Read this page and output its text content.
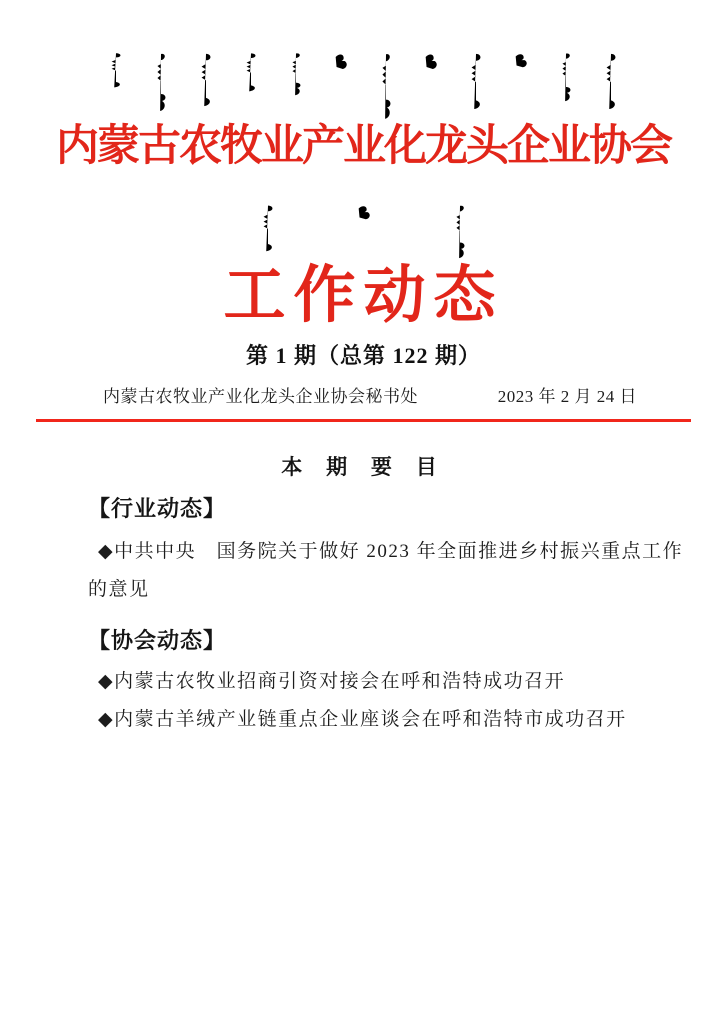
内蒙古农牧业产业化龙头企业协会
工作动态
第 1 期（总第 122 期）
内蒙古农牧业产业化龙头企业协会秘书处	2023 年 2 月 24 日
本 期 要 目
【行业动态】
◆中共中央　国务院关于做好 2023 年全面推进乡村振兴重点工作
的意见
【协会动态】
◆内蒙古农牧业招商引资对接会在呼和浩特成功召开
◆内蒙古羊绒产业链重点企业座谈会在呼和浩特市成功召开
